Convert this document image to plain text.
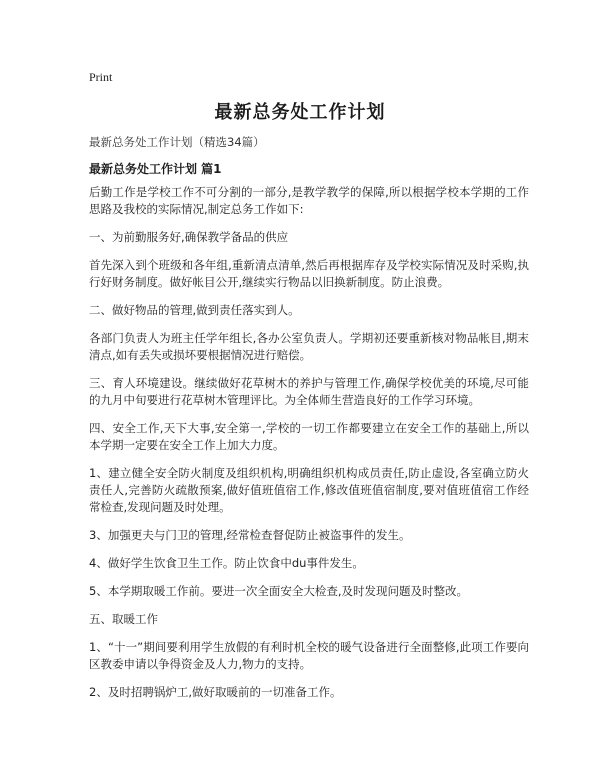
Print
最新总务处工作计划
最新总务处工作计划（精选34篇）
最新总务处工作计划 篇1

后勤工作是学校工作不可分割的一部分,是教学教学的保障,所以根据学校本学期的工作思路及我校的实际情况,制定总务工作如下:

一、为前勤服务好,确保教学备品的供应

首先深入到个班级和各年组,重新清点清单,然后再根据库存及学校实际情况及时采购,执行好财务制度。做好帐目公开,继续实行物品以旧换新制度。防止浪费。

二、做好物品的管理,做到责任落实到人。

各部门负责人为班主任学年组长,各办公室负责人。学期初还要重新核对物品帐目,期末清点,如有丢失或损坏要根据情况进行赔偿。

三、育人环境建设。继续做好花草树木的养护与管理工作,确保学校优美的环境,尽可能的九月中旬要进行花草树木管理评比。为全体师生营造良好的工作学习环境。

四、安全工作,天下大事,安全第一,学校的一切工作都要建立在安全工作的基础上,所以本学期一定要在安全工作上加大力度。

1、建立健全安全防火制度及组织机构,明确组织机构成员责任,防止虚设,各室确立防火责任人,完善防火疏散预案,做好值班值宿工作,修改值班值宿制度,要对值班值宿工作经常检查,发现问题及时处理。

3、加强更夫与门卫的管理,经常检查督促防止被盗事件的发生。

4、做好学生饮食卫生工作。防止饮食中du事件发生。

5、本学期取暖工作前。要进一次全面安全大检查,及时发现问题及时整改。

五、取暖工作

1、“十一”期间要利用学生放假的有利时机全校的暖气设备进行全面整修,此项工作要向区教委申请以争得资金及人力,物力的支持。

2、及时招聘锅炉工,做好取暖前的一切准备工作。
